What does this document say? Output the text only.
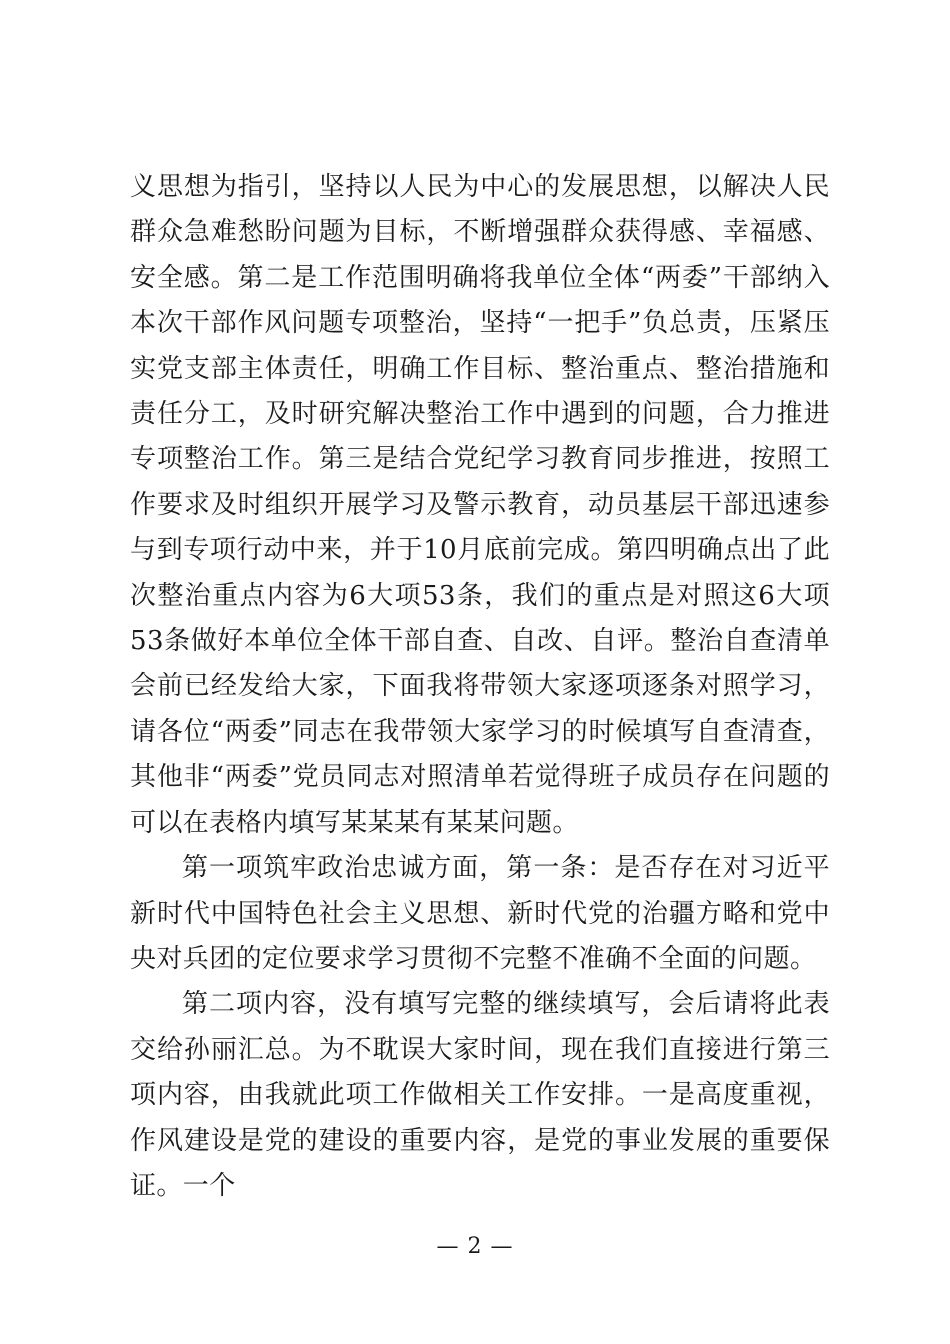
义思想为指引，坚持以人民为中心的发展思想，以解决人民群众急难愁盼问题为目标，不断增强群众获得感、幸福感、安全感。第二是工作范围明确将我单位全体“两委”干部纳入本次干部作风问题专项整治，坚持“一把手”负总责，压紧压实党支部主体责任，明确工作目标、整治重点、整治措施和责任分工，及时研究解决整治工作中遇到的问题，合力推进专项整治工作。第三是结合党纪学习教育同步推进，按照工作要求及时组织开展学习及警示教育，动员基层干部迅速参与到专项行动中来，并于10月底前完成。第四明确点出了此次整治重点内容为6大项53条，我们的重点是对照这6大项53条做好本单位全体干部自查、自改、自评。整治自查清单会前已经发给大家，下面我将带领大家逐项逐条对照学习，请各位“两委”同志在我带领大家学习的时候填写自查清查，其他非“两委”党员同志对照清单若觉得班子成员存在问题的可以在表格内填写某某某有某某问题。

第一项筑牢政治忠诚方面，第一条：是否存在对习近平新时代中国特色社会主义思想、新时代党的治疆方略和党中央对兵团的定位要求学习贯彻不完整不准确不全面的问题。

第二项内容，没有填写完整的继续填写，会后请将此表交给孙丽汇总。为不耽误大家时间，现在我们直接进行第三项内容，由我就此项工作做相关工作安排。一是高度重视，作风建设是党的建设的重要内容，是党的事业发展的重要保证。一个

— 2 —
